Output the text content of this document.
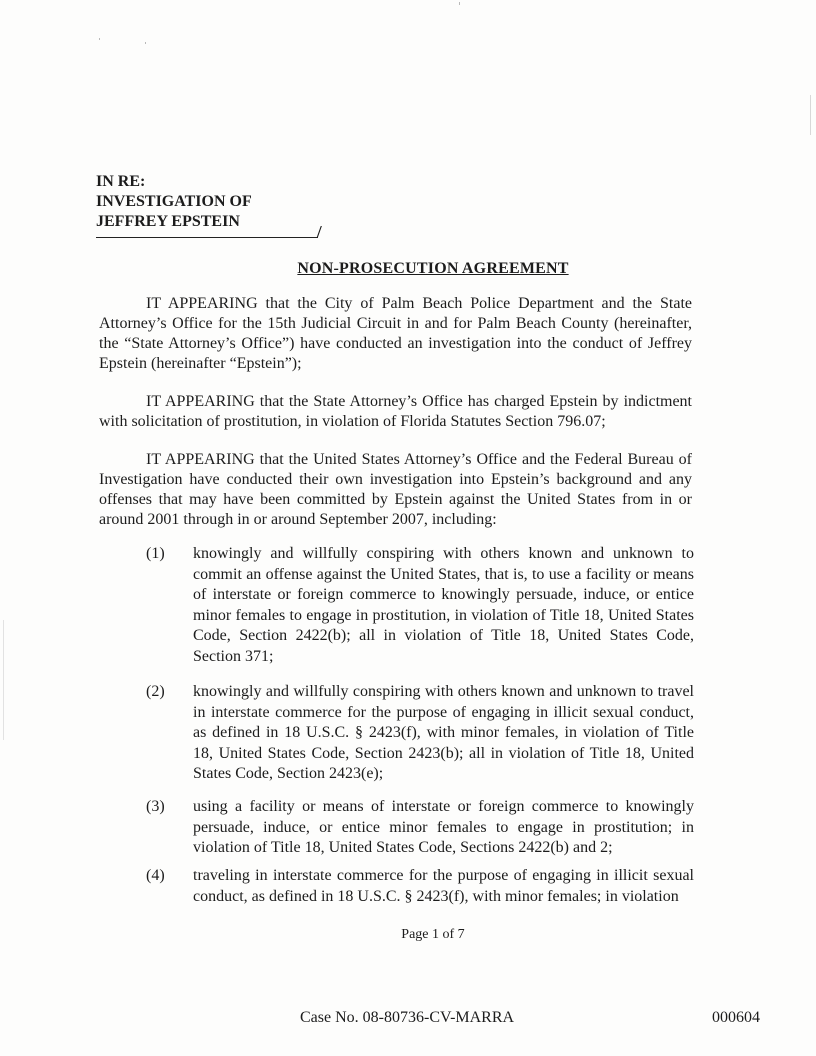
IN RE:
INVESTIGATION OF
JEFFREY EPSTEIN
/
NON-PROSECUTION AGREEMENT

IT APPEARING that the City of Palm Beach Police Department and the State Attorney’s Office for the 15th Judicial Circuit in and for Palm Beach County (hereinafter, the “State Attorney’s Office”) have conducted an investigation into the conduct of Jeffrey Epstein (hereinafter “Epstein”);

IT APPEARING that the State Attorney’s Office has charged Epstein by indictment with solicitation of prostitution, in violation of Florida Statutes Section 796.07;

IT APPEARING that the United States Attorney’s Office and the Federal Bureau of Investigation have conducted their own investigation into Epstein’s background and any offenses that may have been committed by Epstein against the United States from in or around 2001 through in or around September 2007, including:

(1) knowingly and willfully conspiring with others known and unknown to commit an offense against the United States, that is, to use a facility or means of interstate or foreign commerce to knowingly persuade, induce, or entice minor females to engage in prostitution, in violation of Title 18, United States Code, Section 2422(b); all in violation of Title 18, United States Code, Section 371;

(2) knowingly and willfully conspiring with others known and unknown to travel in interstate commerce for the purpose of engaging in illicit sexual conduct, as defined in 18 U.S.C. § 2423(f), with minor females, in violation of Title 18, United States Code, Section 2423(b); all in violation of Title 18, United States Code, Section 2423(e);

(3) using a facility or means of interstate or foreign commerce to knowingly persuade, induce, or entice minor females to engage in prostitution; in violation of Title 18, United States Code, Sections 2422(b) and 2;

(4) traveling in interstate commerce for the purpose of engaging in illicit sexual conduct, as defined in 18 U.S.C. § 2423(f), with minor females; in violation

Page 1 of 7
Case No. 08-80736-CV-MARRA	000604
